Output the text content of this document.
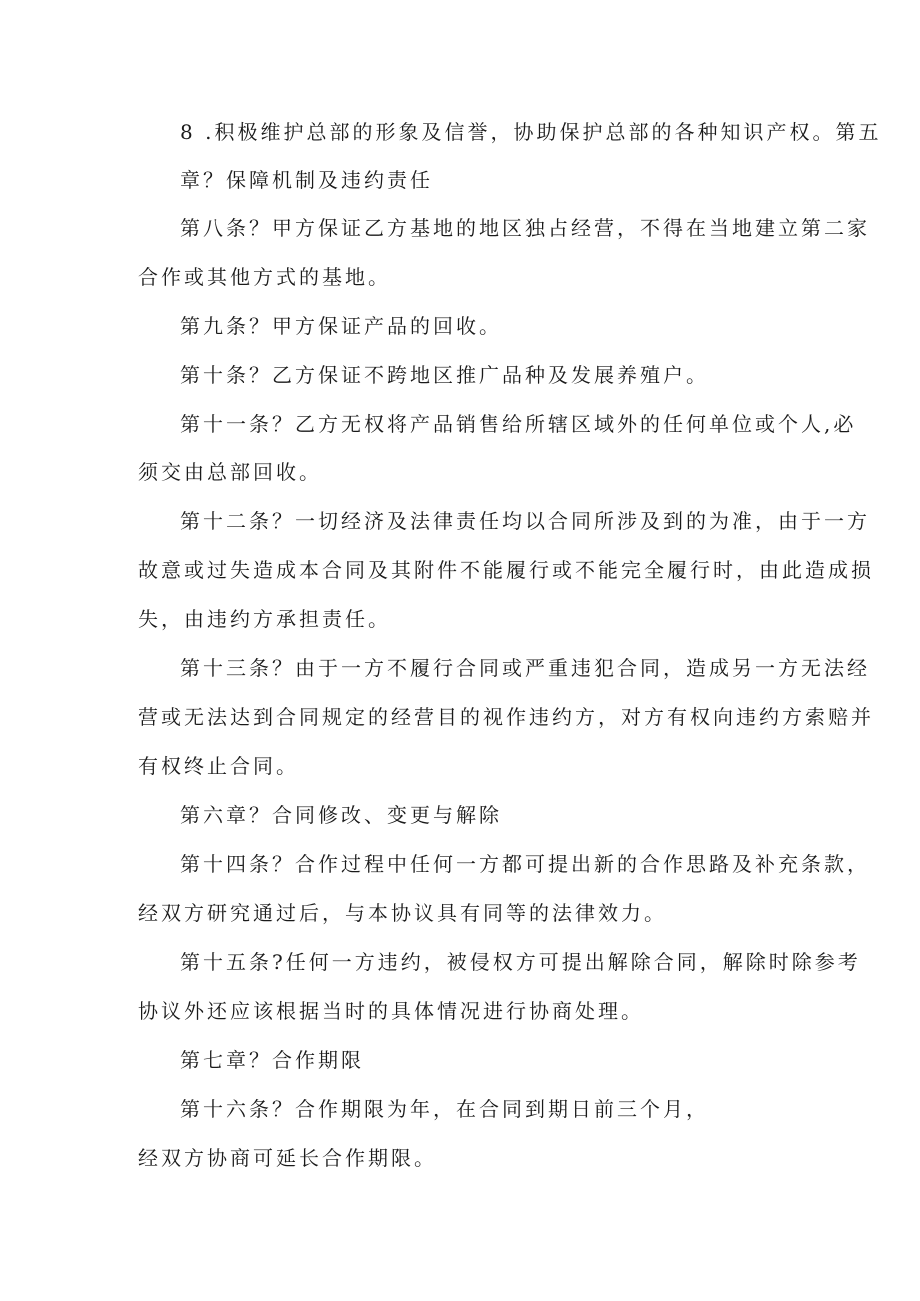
8 .积极维护总部的形象及信誉，协助保护总部的各种知识产权。第五
章？保障机制及违约责任
第八条？甲方保证乙方基地的地区独占经营，不得在当地建立第二家
合作或其他方式的基地。
第九条？甲方保证产品的回收。
第十条？乙方保证不跨地区推广品种及发展养殖户。
第十一条？乙方无权将产品销售给所辖区域外的任何单位或个人,必
须交由总部回收。
第十二条？一切经济及法律责任均以合同所涉及到的为准，由于一方
故意或过失造成本合同及其附件不能履行或不能完全履行时，由此造成损
失，由违约方承担责任。
第十三条？由于一方不履行合同或严重违犯合同，造成另一方无法经
营或无法达到合同规定的经营目的视作违约方，对方有权向违约方索赔并
有权终止合同。
第六章？合同修改、变更与解除
第十四条？合作过程中任何一方都可提出新的合作思路及补充条款，
经双方研究通过后，与本协议具有同等的法律效力。
第十五条?任何一方违约，被侵权方可提出解除合同，解除时除参考
协议外还应该根据当时的具体情况进行协商处理。
第七章？合作期限
第十六条？合作期限为年，在合同到期日前三个月，
经双方协商可延长合作期限。
